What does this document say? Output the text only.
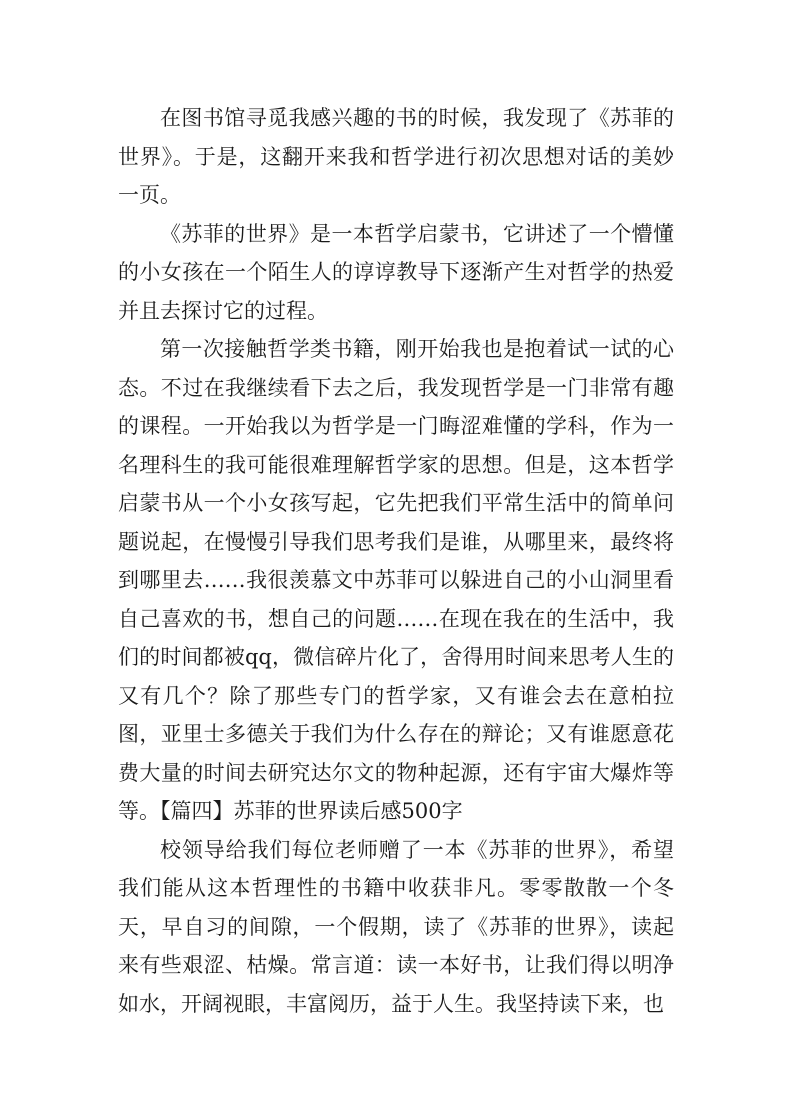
在图书馆寻觅我感兴趣的书的时候，我发现了《苏菲的世界》。于是，这翻开来我和哲学进行初次思想对话的美妙一页。

《苏菲的世界》是一本哲学启蒙书，它讲述了一个懵懂的小女孩在一个陌生人的谆谆教导下逐渐产生对哲学的热爱并且去探讨它的过程。

第一次接触哲学类书籍，刚开始我也是抱着试一试的心态。不过在我继续看下去之后，我发现哲学是一门非常有趣的课程。一开始我以为哲学是一门晦涩难懂的学科，作为一名理科生的我可能很难理解哲学家的思想。但是，这本哲学启蒙书从一个小女孩写起，它先把我们平常生活中的简单问题说起，在慢慢引导我们思考我们是谁，从哪里来，最终将到哪里去……我很羡慕文中苏菲可以躲进自己的小山洞里看自己喜欢的书，想自己的问题……在现在我在的生活中，我们的时间都被qq，微信碎片化了，舍得用时间来思考人生的又有几个？除了那些专门的哲学家，又有谁会去在意柏拉图，亚里士多德关于我们为什么存在的辩论；又有谁愿意花费大量的时间去研究达尔文的物种起源，还有宇宙大爆炸等等。【篇四】苏菲的世界读后感500字

校领导给我们每位老师赠了一本《苏菲的世界》，希望我们能从这本哲理性的书籍中收获非凡。零零散散一个冬天，早自习的间隙，一个假期，读了《苏菲的世界》，读起来有些艰涩、枯燥。常言道：读一本好书，让我们得以明净如水，开阔视眼，丰富阅历，益于人生。我坚持读下来，也
